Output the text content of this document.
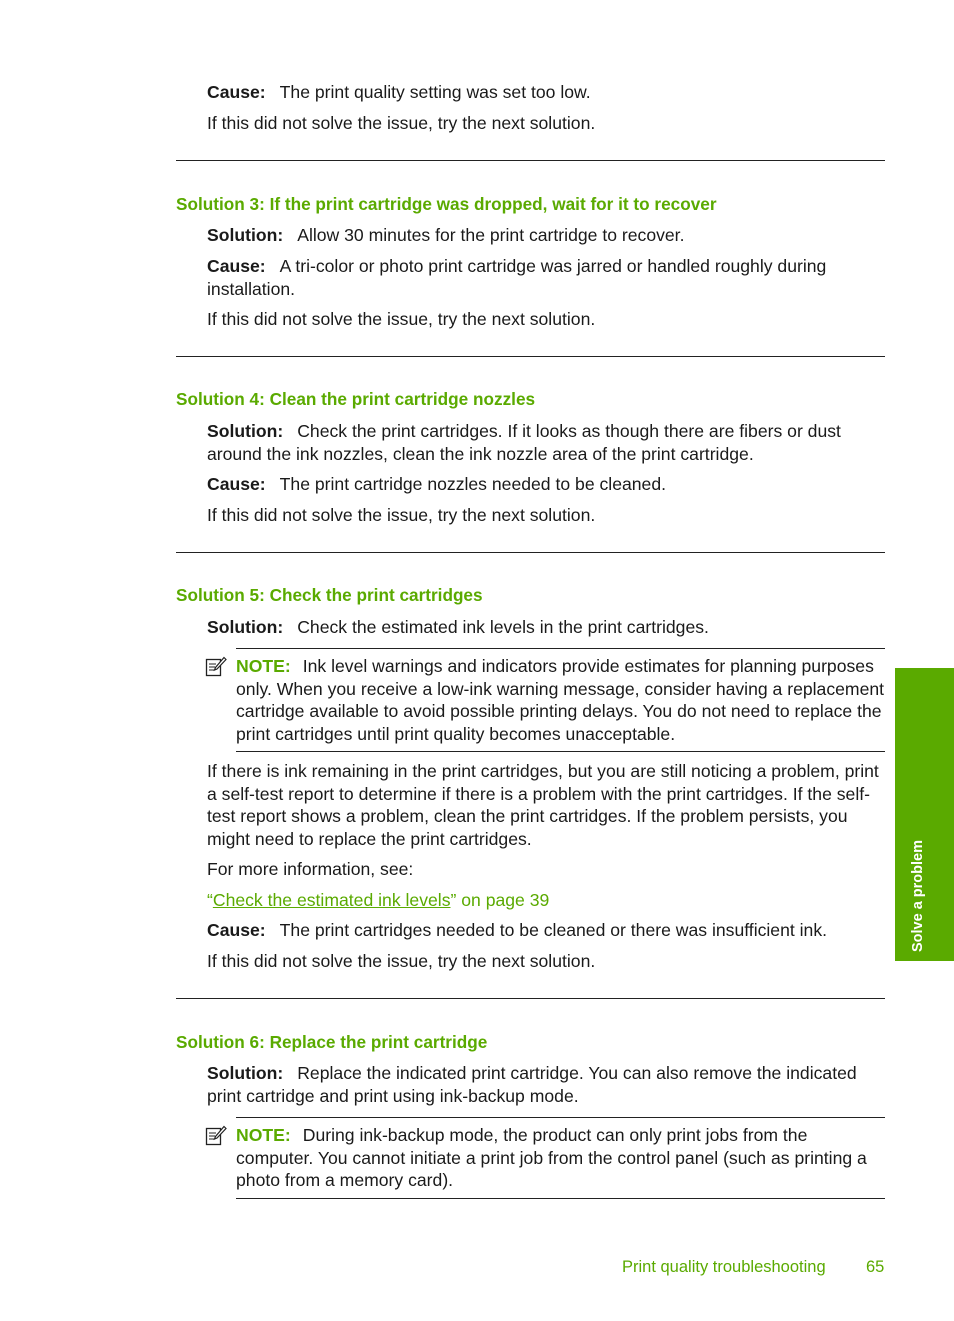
Cause: The print quality setting was set too low.

If this did not solve the issue, try the next solution.

Solution 3: If the print cartridge was dropped, wait for it to recover

Solution: Allow 30 minutes for the print cartridge to recover.

Cause: A tri-color or photo print cartridge was jarred or handled roughly during installation.

If this did not solve the issue, try the next solution.

Solution 4: Clean the print cartridge nozzles

Solution: Check the print cartridges. If it looks as though there are fibers or dust around the ink nozzles, clean the ink nozzle area of the print cartridge.

Cause: The print cartridge nozzles needed to be cleaned.

If this did not solve the issue, try the next solution.

Solution 5: Check the print cartridges

Solution: Check the estimated ink levels in the print cartridges.

NOTE: Ink level warnings and indicators provide estimates for planning purposes only. When you receive a low-ink warning message, consider having a replacement cartridge available to avoid possible printing delays. You do not need to replace the print cartridges until print quality becomes unacceptable.

If there is ink remaining in the print cartridges, but you are still noticing a problem, print a self-test report to determine if there is a problem with the print cartridges. If the self-test report shows a problem, clean the print cartridges. If the problem persists, you might need to replace the print cartridges.

For more information, see:

“Check the estimated ink levels” on page 39

Cause: The print cartridges needed to be cleaned or there was insufficient ink.

If this did not solve the issue, try the next solution.

Solution 6: Replace the print cartridge

Solution: Replace the indicated print cartridge. You can also remove the indicated print cartridge and print using ink-backup mode.

NOTE: During ink-backup mode, the product can only print jobs from the computer. You cannot initiate a print job from the control panel (such as printing a photo from a memory card).

Solve a problem
Print quality troubleshooting 65
